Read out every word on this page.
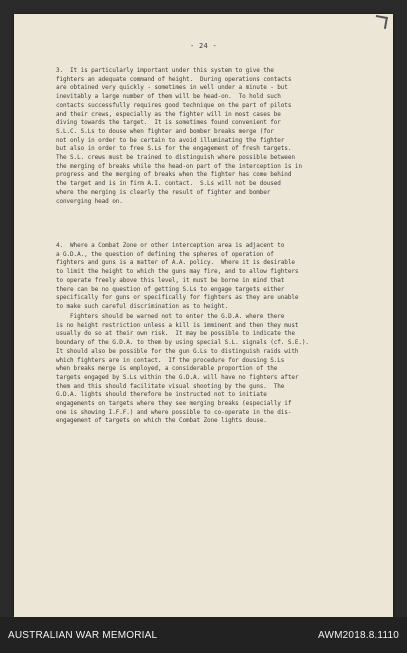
- 24 -
3.  It is particularly important under this system to give the
fighters an adequate command of height.  During operations contacts
are obtained very quickly - sometimes in well under a minute - but
inevitably a large number of them will be head-on.  To hold such
contacts successfully requires good technique on the part of pilots
and their crews, especially as the fighter will in most cases be
diving towards the target.  It is sometimes found convenient for
S.L.C. S.Ls to douse when fighter and bomber breaks merge (for
not only in order to be certain to avoid illuminating the fighter
but also in order to free S.Ls for the engagement of fresh targets.
The S.L. crews must be trained to distinguish where possible between
the merging of breaks while the head-on part of the interception is in
progress and the merging of breaks when the fighter has come behind
the target and is in firm A.I. contact.  S.Ls will not be doused
where the merging is clearly the result of fighter and bomber
converging head on.
4.  Where a Combat Zone or other interception area is adjacent to
a G.D.A., the question of defining the spheres of operation of
fighters and guns is a matter of A.A. policy.  Where it is desirable
to limit the height to which the guns may fire, and to allow fighters
to operate freely above this level, it must be borne in mind that
there can be no question of getting S.Ls to engage targets either
specifically for guns or specifically for fighters as they are unable
to make such careful discrimination as to height.
Fighters should be warned not to enter the G.D.A. where there
is no height restriction unless a kill is imminent and then they must
usually do so at their own risk.  It may be possible to indicate the
boundary of the G.D.A. to them by using special S.L. signals (cf. S.E.).
It should also be possible for the gun G.Ls to distinguish raids with
which fighters are in contact.  If the procedure for dousing S.Ls
when breaks merge is employed, a considerable proportion of the
targets engaged by S.Ls within the G.D.A. will have no fighters after
them and this should facilitate visual shooting by the guns.  The
G.D.A. lights should therefore be instructed not to initiate
engagements on targets where they see merging breaks (especially if
one is showing I.F.F.) and where possible to co-operate in the dis-
engagement of targets on which the Combat Zone lights douse.
AUSTRALIAN WAR MEMORIAL	AWM2018.8.1110
